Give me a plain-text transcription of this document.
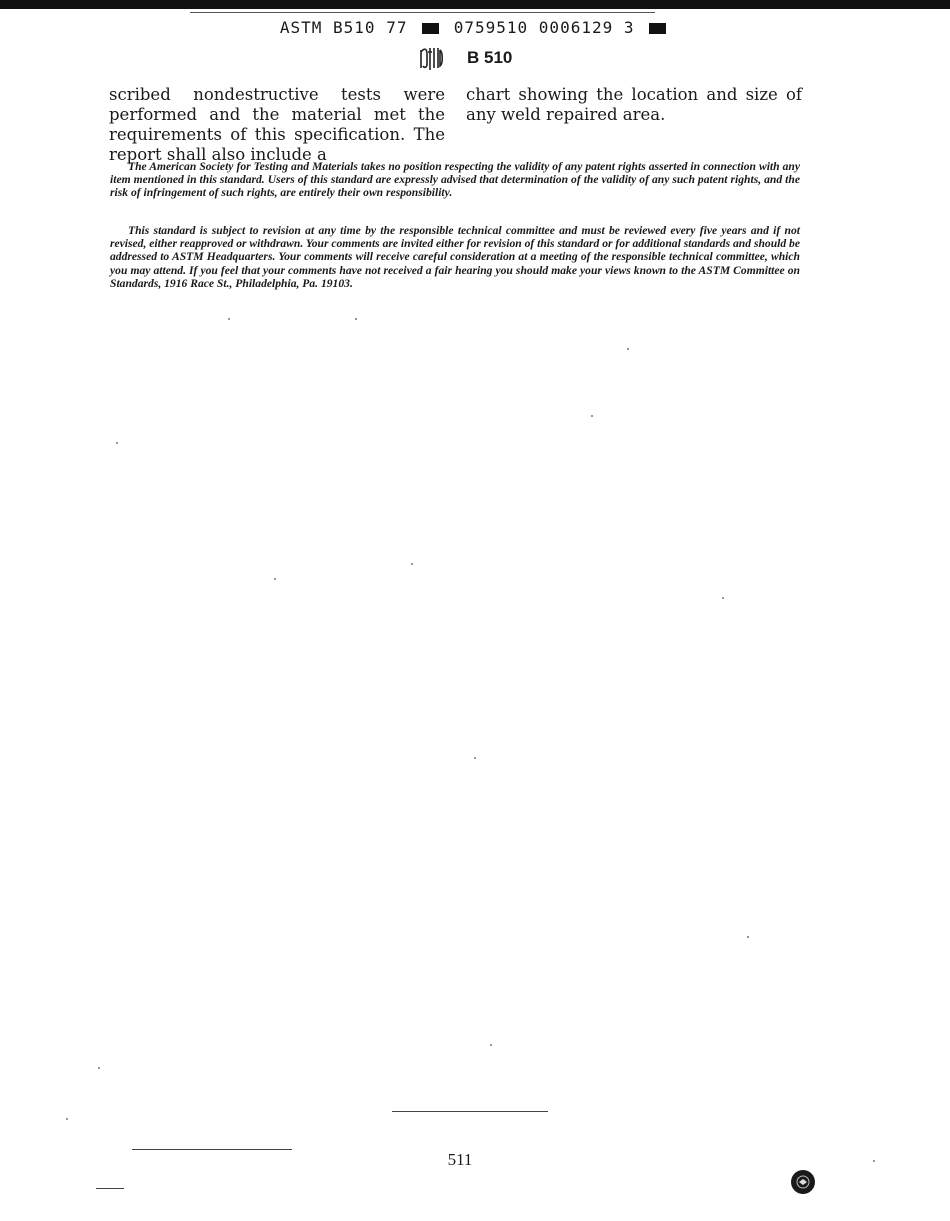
ASTM B510 77	0759510 0006129 3
B 510
scribed nondestructive tests were performed and the material met the requirements of this specification. The report shall also include a
chart showing the location and size of any weld repaired area.
The American Society for Testing and Materials takes no position respecting the validity of any patent rights asserted in connection with any item mentioned in this standard. Users of this standard are expressly advised that determination of the validity of any such patent rights, and the risk of infringement of such rights, are entirely their own responsibility.
This standard is subject to revision at any time by the responsible technical committee and must be reviewed every five years and if not revised, either reapproved or withdrawn. Your comments are invited either for revision of this standard or for additional standards and should be addressed to ASTM Headquarters. Your comments will receive careful consideration at a meeting of the responsible technical committee, which you may attend. If you feel that your comments have not received a fair hearing you should make your views known to the ASTM Committee on Standards, 1916 Race St., Philadelphia, Pa. 19103.
511
